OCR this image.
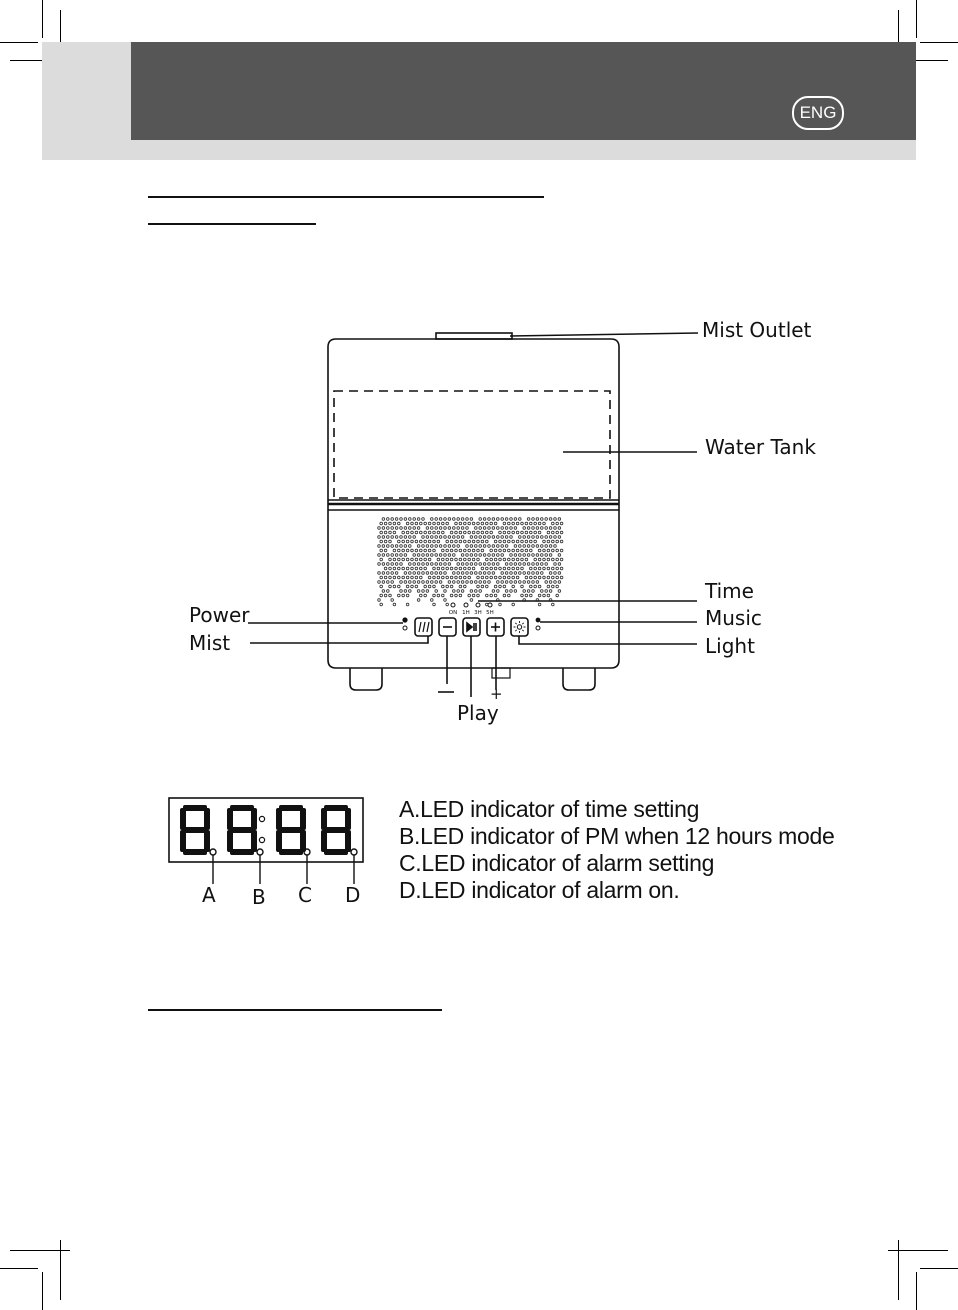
ENG
ON 1H 3H 5H
Mist Outlet
Water Tank
Time
Music
Light
Power
Mist
–
+
Play
A B C D
A.LED indicator of time setting
B.LED indicator of PM when 12 hours mode
C.LED indicator of alarm setting
D.LED indicator of alarm on.
